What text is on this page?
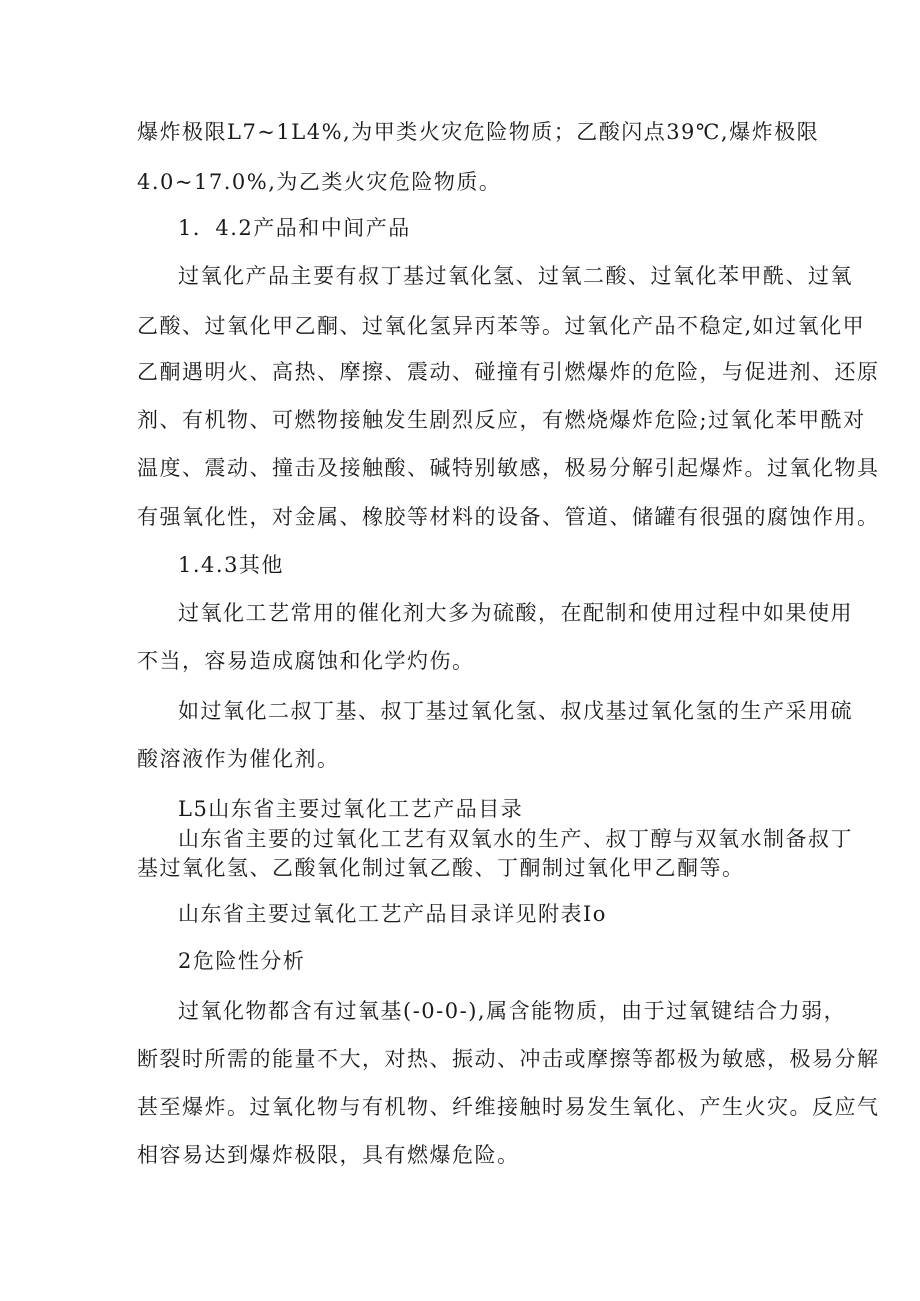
爆炸极限L7~1L4%,为甲类火灾危险物质；乙酸闪点39℃,爆炸极限
4.0~17.0%,为乙类火灾危险物质。
1．4.2产品和中间产品
过氧化产品主要有叔丁基过氧化氢、过氧二酸、过氧化苯甲酰、过氧
乙酸、过氧化甲乙酮、过氧化氢异丙苯等。过氧化产品不稳定,如过氧化甲
乙酮遇明火、高热、摩擦、震动、碰撞有引燃爆炸的危险，与促进剂、还原
剂、有机物、可燃物接触发生剧烈反应，有燃烧爆炸危险;过氧化苯甲酰对
温度、震动、撞击及接触酸、碱特别敏感，极易分解引起爆炸。过氧化物具
有强氧化性，对金属、橡胶等材料的设备、管道、储罐有很强的腐蚀作用。
1.4.3其他
过氧化工艺常用的催化剂大多为硫酸，在配制和使用过程中如果使用
不当，容易造成腐蚀和化学灼伤。
如过氧化二叔丁基、叔丁基过氧化氢、叔戊基过氧化氢的生产采用硫
酸溶液作为催化剂。
L5山东省主要过氧化工艺产品目录
山东省主要的过氧化工艺有双氧水的生产、叔丁醇与双氧水制备叔丁
基过氧化氢、乙酸氧化制过氧乙酸、丁酮制过氧化甲乙酮等。
山东省主要过氧化工艺产品目录详见附表Io
2危险性分析
过氧化物都含有过氧基(-0-0-),属含能物质，由于过氧键结合力弱，
断裂时所需的能量不大，对热、振动、冲击或摩擦等都极为敏感，极易分解
甚至爆炸。过氧化物与有机物、纤维接触时易发生氧化、产生火灾。反应气
相容易达到爆炸极限，具有燃爆危险。
